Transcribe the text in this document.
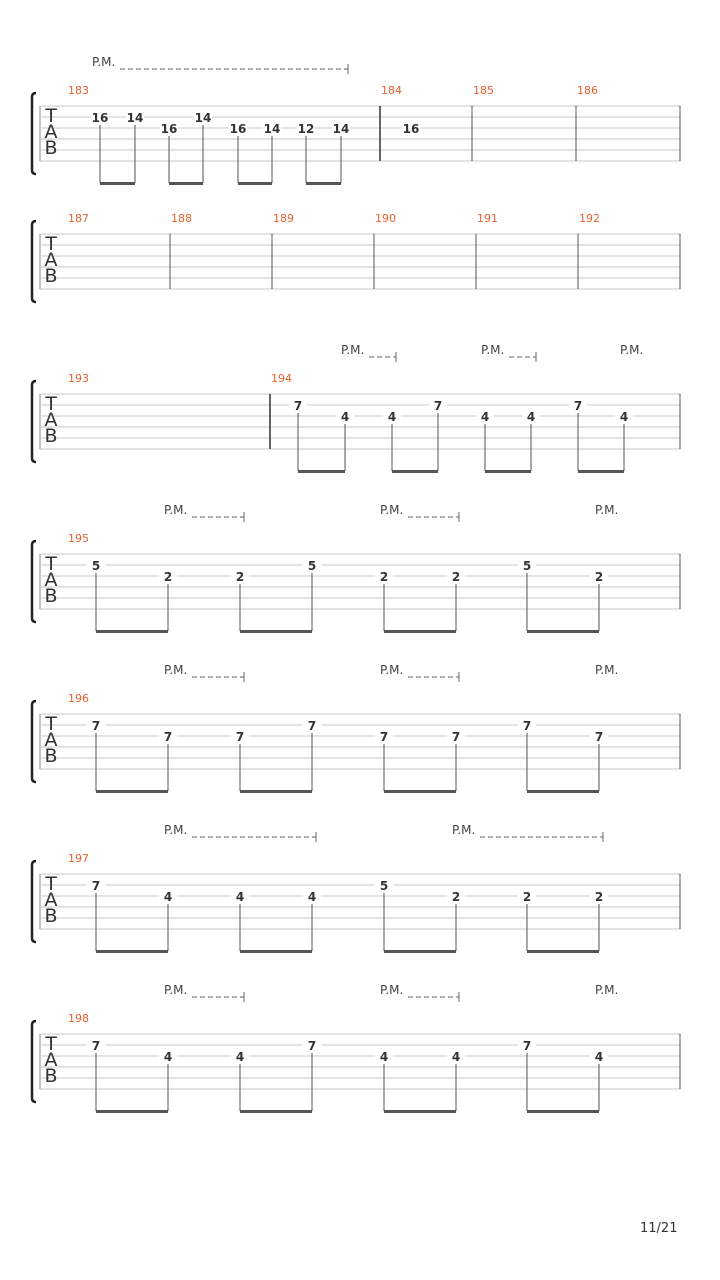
T
A
B
183
16 14
16
14
16 14 12 14
184
16
185	186
P.M.
T
A
B
187	188	189	190	191	192
T
A
B
193	194
7
4	4
7
4	4
7
4
P.M.	P.M.	P.M.
T
A
B
195
5
2	2
5
2	2
5
2
P.M.	P.M.	P.M.
T
A
B
196
7
7	7
7
7	7
7
7
P.M.	P.M.	P.M.
T
A
B
197
7
4	4	4
5
2	2	2
P.M.	P.M.
T
A
B
198
7
4	4
7
4	4
7
4
P.M.	P.M.	P.M.
11/21
